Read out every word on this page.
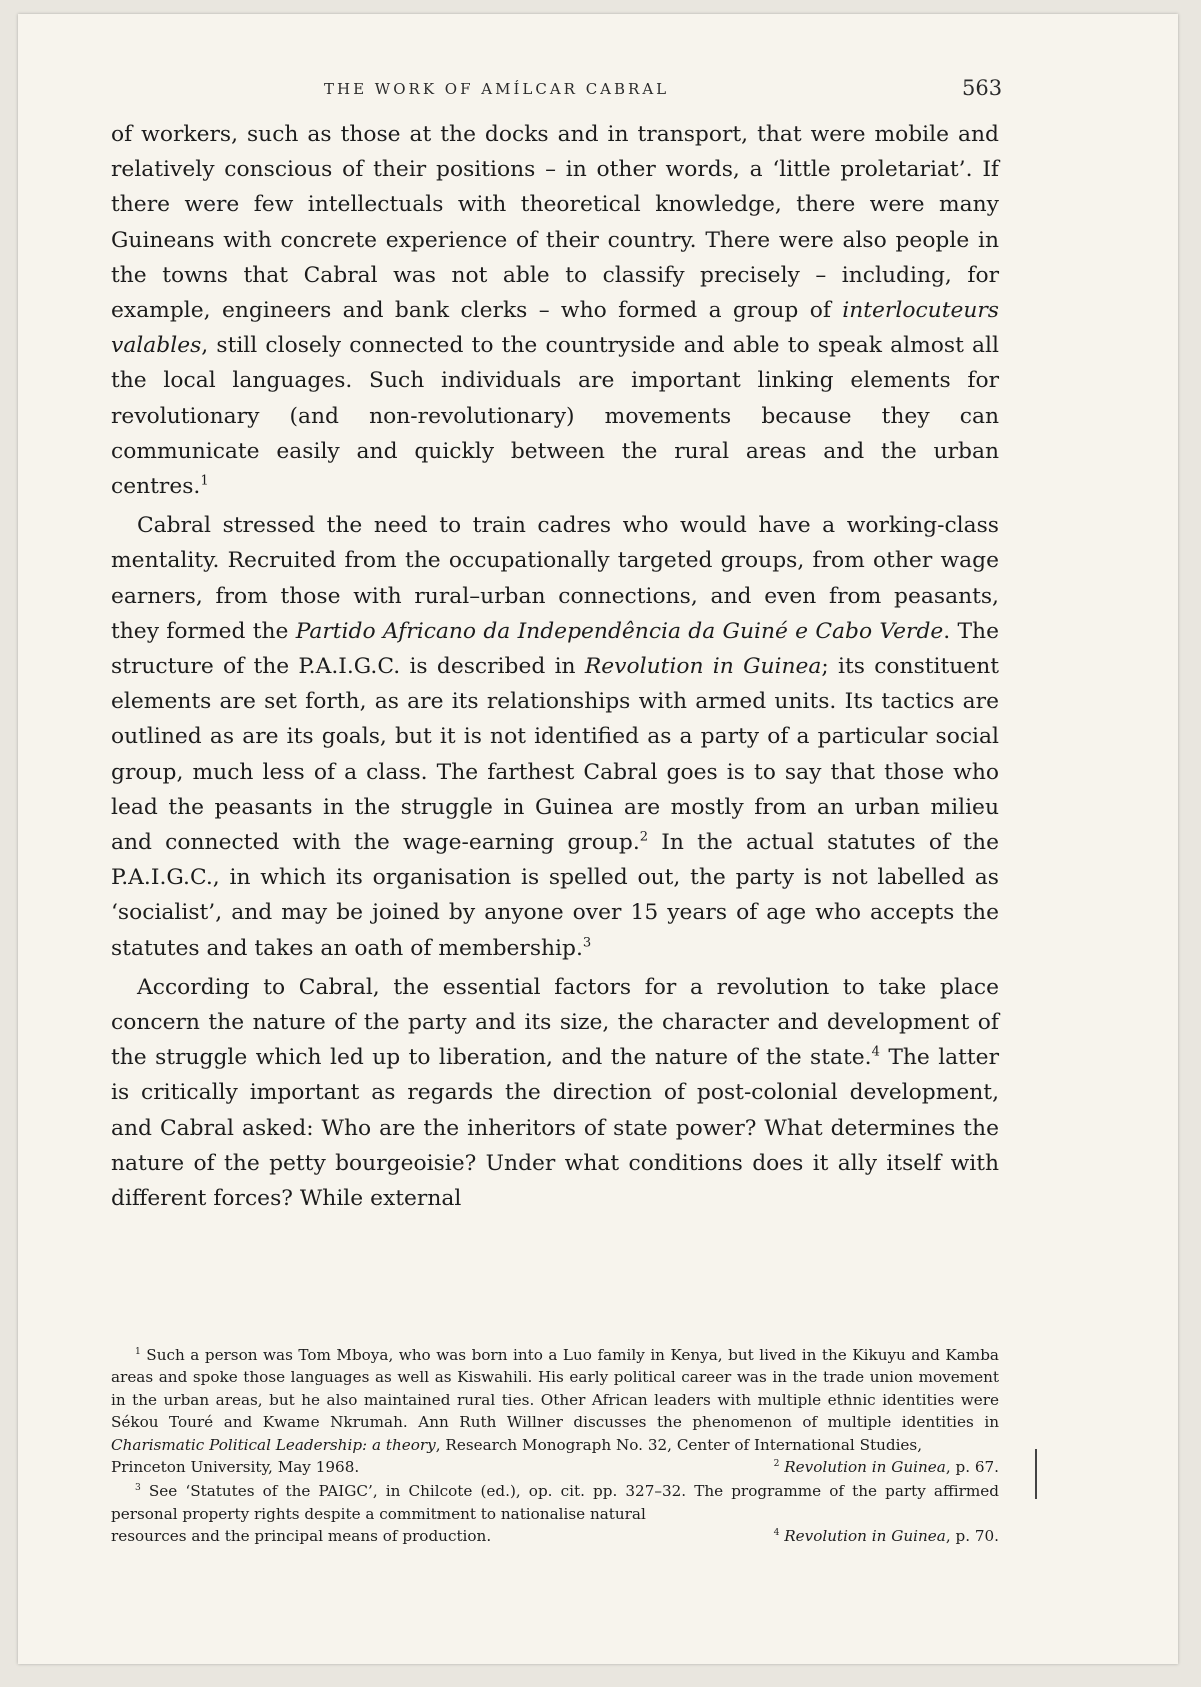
THE WORK OF AMÍLCAR CABRAL	563

of workers, such as those at the docks and in transport, that were mobile and relatively conscious of their positions – in other words, a ‘little proletariat’. If there were few intellectuals with theoretical knowledge, there were many Guineans with concrete experience of their country. There were also people in the towns that Cabral was not able to classify precisely – including, for example, engineers and bank clerks – who formed a group of interlocuteurs valables, still closely connected to the countryside and able to speak almost all the local languages. Such individuals are important linking elements for revolutionary (and non-revolutionary) movements because they can communicate easily and quickly between the rural areas and the urban centres.$^1$

Cabral stressed the need to train cadres who would have a working-class mentality. Recruited from the occupationally targeted groups, from other wage earners, from those with rural–urban connections, and even from peasants, they formed the Partido Africano da Independência da Guiné e Cabo Verde. The structure of the P.A.I.G.C. is described in Revolution in Guinea; its constituent elements are set forth, as are its relationships with armed units. Its tactics are outlined as are its goals, but it is not identified as a party of a particular social group, much less of a class. The farthest Cabral goes is to say that those who lead the peasants in the struggle in Guinea are mostly from an urban milieu and connected with the wage-earning group.$^2$ In the actual statutes of the P.A.I.G.C., in which its organisation is spelled out, the party is not labelled as ‘socialist’, and may be joined by anyone over 15 years of age who accepts the statutes and takes an oath of membership.$^3$

According to Cabral, the essential factors for a revolution to take place concern the nature of the party and its size, the character and development of the struggle which led up to liberation, and the nature of the state.$^4$ The latter is critically important as regards the direction of post-colonial development, and Cabral asked: Who are the inheritors of state power? What determines the nature of the petty bourgeoisie? Under what conditions does it ally itself with different forces? While external

$^1$ Such a person was Tom Mboya, who was born into a Luo family in Kenya, but lived in the Kikuyu and Kamba areas and spoke those languages as well as Kiswahili. His early political career was in the trade union movement in the urban areas, but he also maintained rural ties. Other African leaders with multiple ethnic identities were Sékou Touré and Kwame Nkrumah. Ann Ruth Willner discusses the phenomenon of multiple identities in Charismatic Political Leadership: a theory, Research Monograph No. 32, Center of International Studies,
Princeton University, May 1968.	$^2$ Revolution in Guinea, p. 67.

$^3$ See ‘Statutes of the PAIGC’, in Chilcote (ed.), op. cit. pp. 327–32. The programme of the party affirmed personal property rights despite a commitment to nationalise natural
resources and the principal means of production.	$^4$ Revolution in Guinea, p. 70.
